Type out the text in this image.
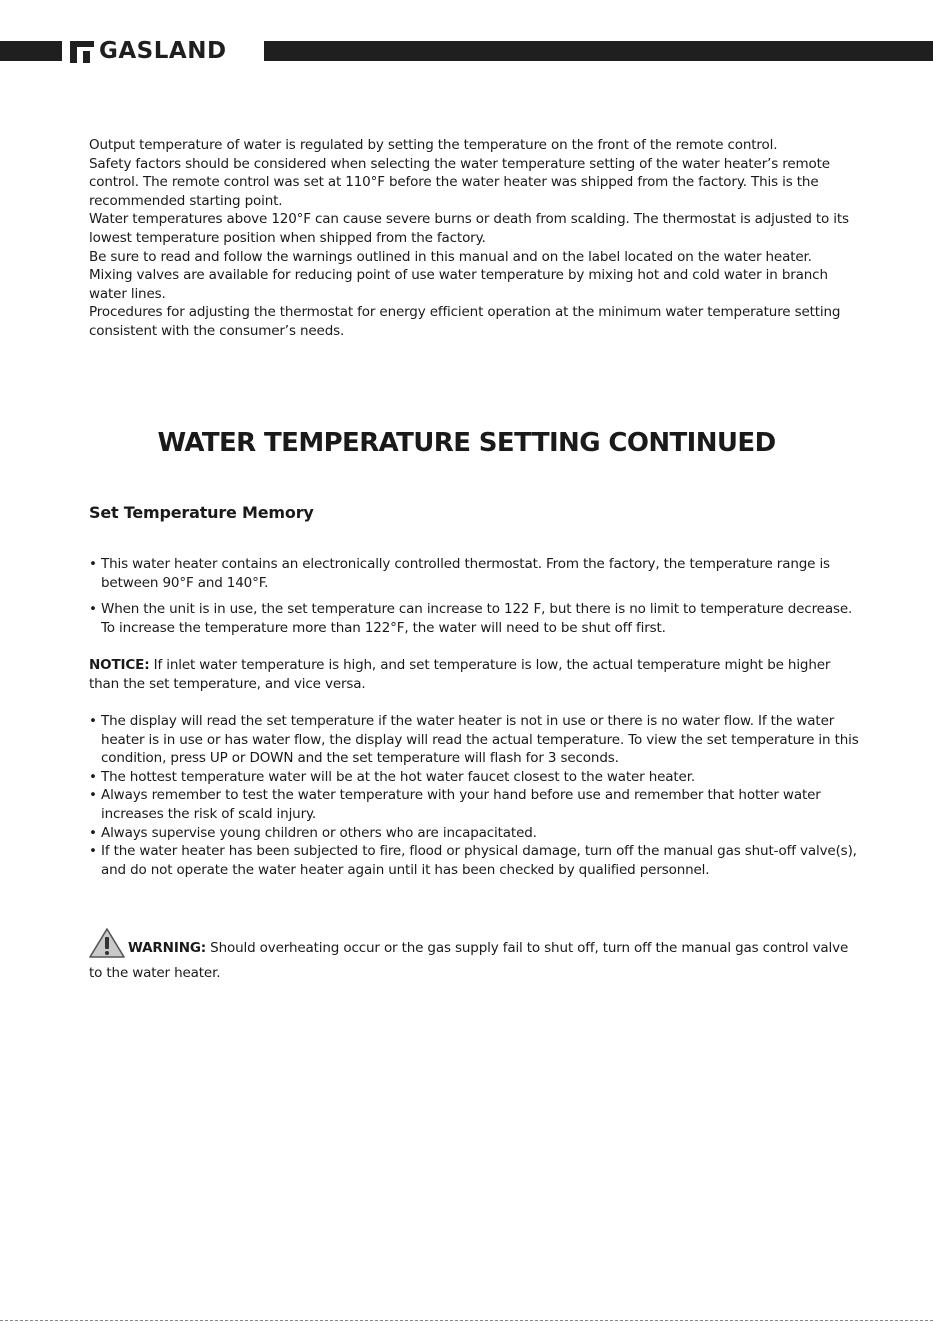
GASLAND

Output temperature of water is regulated by setting the temperature on the front of the remote control.

Safety factors should be considered when selecting the water temperature setting of the water heater’s remote control. The remote control was set at 110°F before the water heater was shipped from the factory. This is the recommended starting point.

Water temperatures above 120°F can cause severe burns or death from scalding. The thermostat is adjusted to its lowest temperature position when shipped from the factory.

Be sure to read and follow the warnings outlined in this manual and on the label located on the water heater.

Mixing valves are available for reducing point of use water temperature by mixing hot and cold water in branch water lines.

Procedures for adjusting the thermostat for energy efficient operation at the minimum water temperature setting consistent with the consumer’s needs.

WATER TEMPERATURE SETTING CONTINUED
Set Temperature Memory
• This water heater contains an electronically controlled thermostat. From the factory, the temperature range is between 90°F and 140°F.
• When the unit is in use, the set temperature can increase to 122 F, but there is no limit to temperature decrease. To increase the temperature more than 122°F, the water will need to be shut off first.
NOTICE: If inlet water temperature is high, and set temperature is low, the actual temperature might be higher than the set temperature, and vice versa.
• The display will read the set temperature if the water heater is not in use or there is no water flow. If the water heater is in use or has water flow, the display will read the actual temperature. To view the set temperature in this condition, press UP or DOWN and the set temperature will flash for 3 seconds.
• The hottest temperature water will be at the hot water faucet closest to the water heater.
• Always remember to test the water temperature with your hand before use and remember that hotter water increases the risk of scald injury.
• Always supervise young children or others who are incapacitated.
• If the water heater has been subjected to fire, flood or physical damage, turn off the manual gas shut-off valve(s), and do not operate the water heater again until it has been checked by qualified personnel.
WARNING: Should overheating occur or the gas supply fail to shut off, turn off the manual gas control valve to the water heater.
